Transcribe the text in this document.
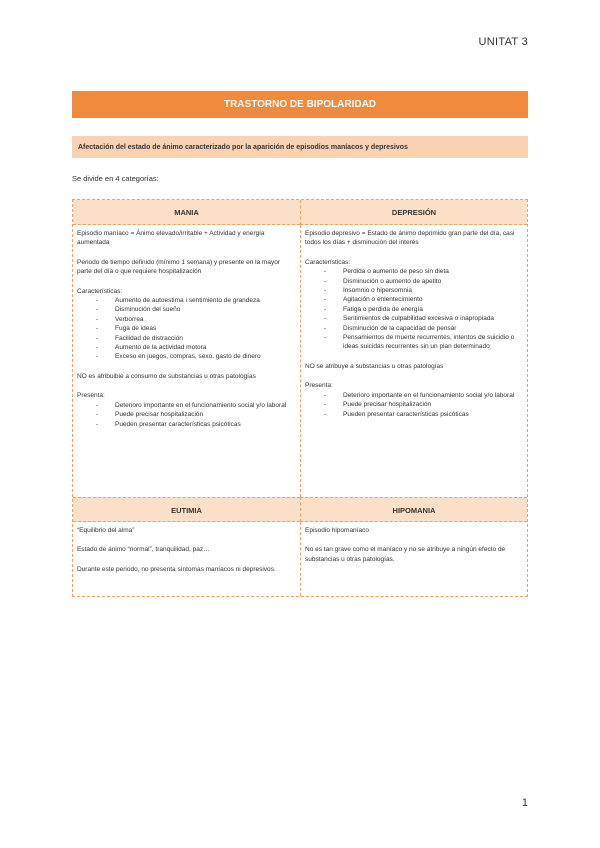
UNITAT 3
TRASTORNO DE BIPOLARIDAD
Afectación del estado de ánimo caracterizado por la aparición de episodios maníacos y depresivos
Se divide en 4 categorías:
MANIA	DEPRESIÓN

Episodio maníaco = Ánimo elevado/irritable + Actividad y energía aumentada

Periodo de tiempo definido (mínimo 1 semana) y presente en la mayor parte del día o que requiere hospitalización

Características:

- Aumento de autoestima i sentimiento de grandeza
- Disminución del sueño
- Verborrea
- Fuga de ideas
- Facilidad de distracción
- Aumento de la actividad motora
- Exceso en juegos, compras, sexo, gasto de dinero

NO es atribuible a consumo de substancias u otras patologías

Presenta:

- Deterioro importante en el funcionamiento social y/o laboral
- Puede precisar hospitalización
- Pueden presentar características psicóticas

Episodio depresivo = Estado de ánimo deprimido gran parte del día, casi todos los días + disminución del interés

Características:

- Perdida o aumento de peso sin dieta
- Disminución o aumento de apetito
- Insomnio o hipersomnia
- Agitación o enlentecimiento
- Fatiga o perdida de energía
- Sentimientos de culpabilidad excesiva o inapropiada
- Disminución de la capacidad de pensar
- Pensamientos de muerte recurrentes, intentos de suicidio o ideas suicidas recurrentes sin un plan determinado

NO se atribuye a substancias u otras patologías

Presenta:

- Deterioro importante en el funcionamiento social y/o laboral
- Puede precisar hospitalización
- Pueden presentar características psicóticas
EUTIMIA	HIPOMANIA

“Equilibrio del alma”

Estado de ánimo “normal”, tranquilidad, paz…

Durante este periodo, no presenta síntomas maníacos ni depresivos.

Episodio hipomaníaco

No es tan grave como el maníaco y no se atribuye a ningún efecto de substancias u otras patologías.

1
